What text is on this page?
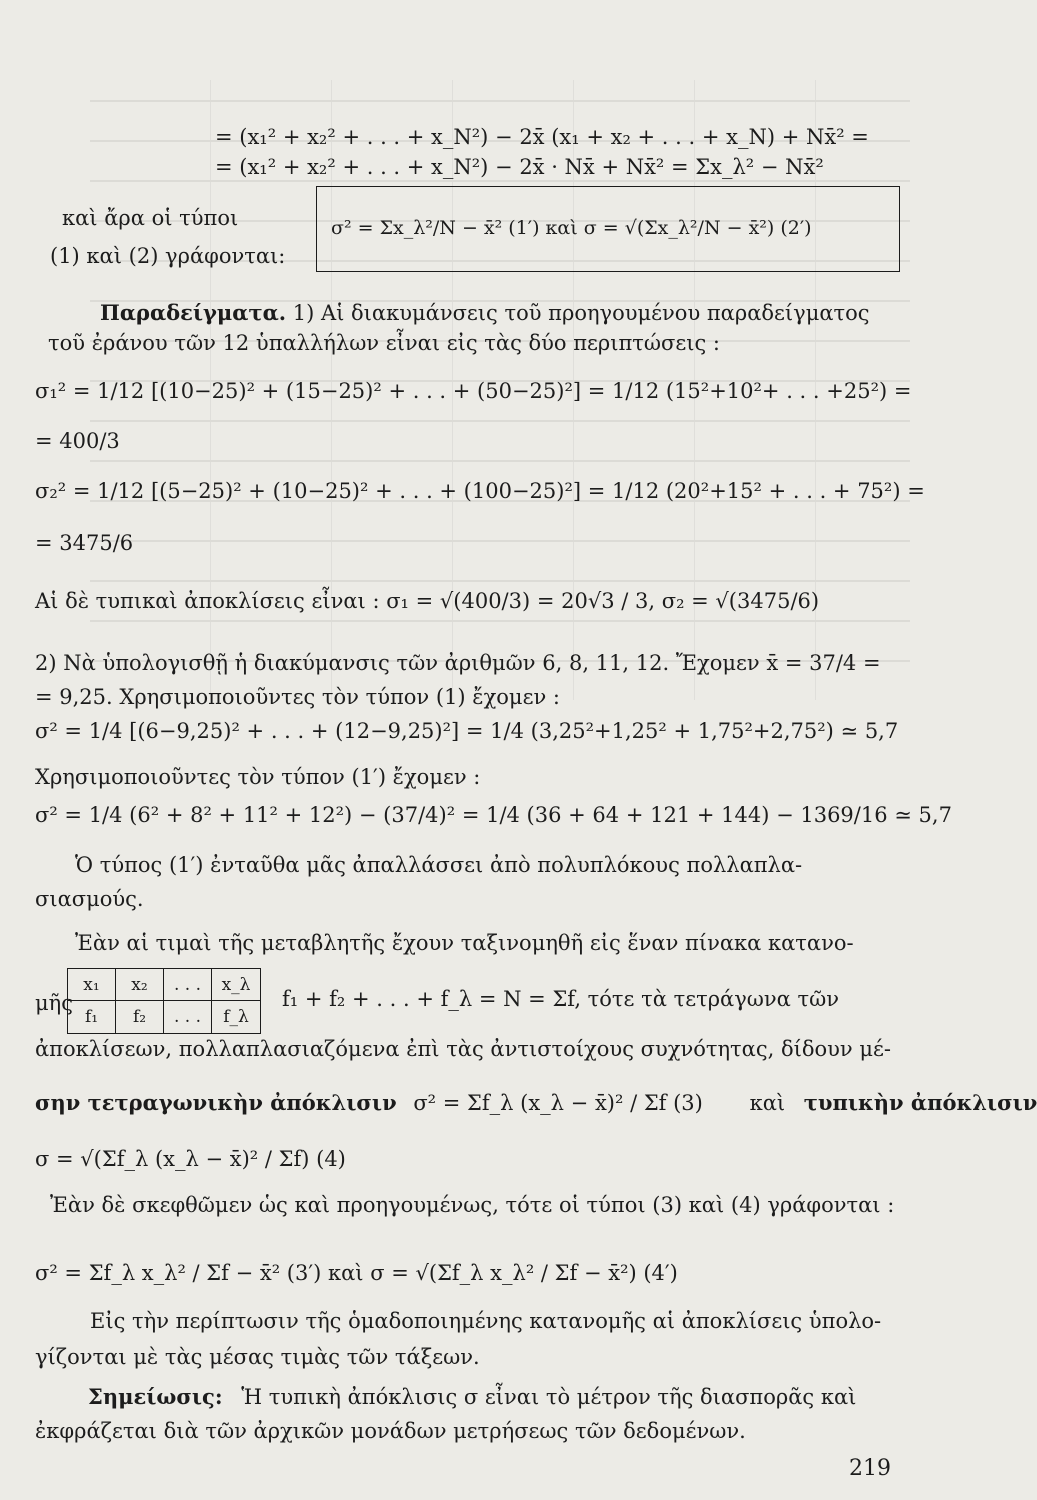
= (x₁² + x₂² + . . . + x_N²) − 2x̄ (x₁ + x₂ + . . . + x_N) + Nx̄² =
= (x₁² + x₂² + . . . + x_N²) − 2x̄ · Nx̄ + Nx̄² = Σx_λ² − Nx̄²
καὶ ἄρα οἱ τύποι
(1) καὶ (2) γράφονται:
σ² = Σx_λ²/N − x̄² (1′) καὶ σ = √(Σx_λ²/N − x̄²) (2′)
Παραδείγματα. 1) Αἱ διακυμάνσεις τοῦ προηγουμένου παραδείγματος
τοῦ ἐράνου τῶν 12 ὑπαλλήλων εἶναι εἰς τὰς δύο περιπτώσεις :
σ₁² = 1/12 [(10−25)² + (15−25)² + . . . + (50−25)²] = 1/12 (15²+10²+ . . . +25²) =
= 400/3
σ₂² = 1/12 [(5−25)² + (10−25)² + . . . + (100−25)²] = 1/12 (20²+15² + . . . + 75²) =
= 3475/6
Αἱ δὲ τυπικαὶ ἀποκλίσεις εἶναι : σ₁ = √(400/3) = 20√3 / 3, σ₂ = √(3475/6)
2) Νὰ ὑπολογισθῇ ἡ διακύμανσις τῶν ἀριθμῶν 6, 8, 11, 12. Ἔχομεν x̄ = 37/4 =
= 9,25. Χρησιμοποιοῦντες τὸν τύπον (1) ἔχομεν :
σ² = 1/4 [(6−9,25)² + . . . + (12−9,25)²] = 1/4 (3,25²+1,25² + 1,75²+2,75²) ≃ 5,7
Χρησιμοποιοῦντες τὸν τύπον (1′) ἔχομεν :
σ² = 1/4 (6² + 8² + 11² + 12²) − (37/4)² = 1/4 (36 + 64 + 121 + 144) − 1369/16 ≃ 5,7
Ὁ τύπος (1′) ἐνταῦθα μᾶς ἀπαλλάσσει ἀπὸ πολυπλόκους πολλαπλα-
σιασμούς.
Ἐὰν αἱ τιμαὶ τῆς μεταβλητῆς ἔχουν ταξινομηθῆ εἰς ἕναν πίνακα κατανο-
μῆς
x₁	x₂	. . .	x_λ
f₁	f₂	. . .	f_λ
f₁ + f₂ + . . . + f_λ = N = Σf, τότε τὰ τετράγωνα τῶν
ἀποκλίσεων, πολλαπλασιαζόμενα ἐπὶ τὰς ἀντιστοίχους συχνότητας, δίδουν μέ-
σην τετραγωνικὴν ἀπόκλισιν σ² = Σf_λ (x_λ − x̄)² / Σf (3) καὶ τυπικὴν ἀπόκλισιν
σ = √(Σf_λ (x_λ − x̄)² / Σf) (4)
Ἐὰν δὲ σκεφθῶμεν ὡς καὶ προηγουμένως, τότε οἱ τύποι (3) καὶ (4) γράφονται :
σ² = Σf_λ x_λ² / Σf − x̄² (3′) καὶ σ = √(Σf_λ x_λ² / Σf − x̄²) (4′)
Εἰς τὴν περίπτωσιν τῆς ὁμαδοποιημένης κατανομῆς αἱ ἀποκλίσεις ὑπολο-
γίζονται μὲ τὰς μέσας τιμὰς τῶν τάξεων.
Σημείωσις: Ἡ τυπικὴ ἀπόκλισις σ εἶναι τὸ μέτρον τῆς διασπορᾶς καὶ
ἐκφράζεται διὰ τῶν ἀρχικῶν μονάδων μετρήσεως τῶν δεδομένων.
219
